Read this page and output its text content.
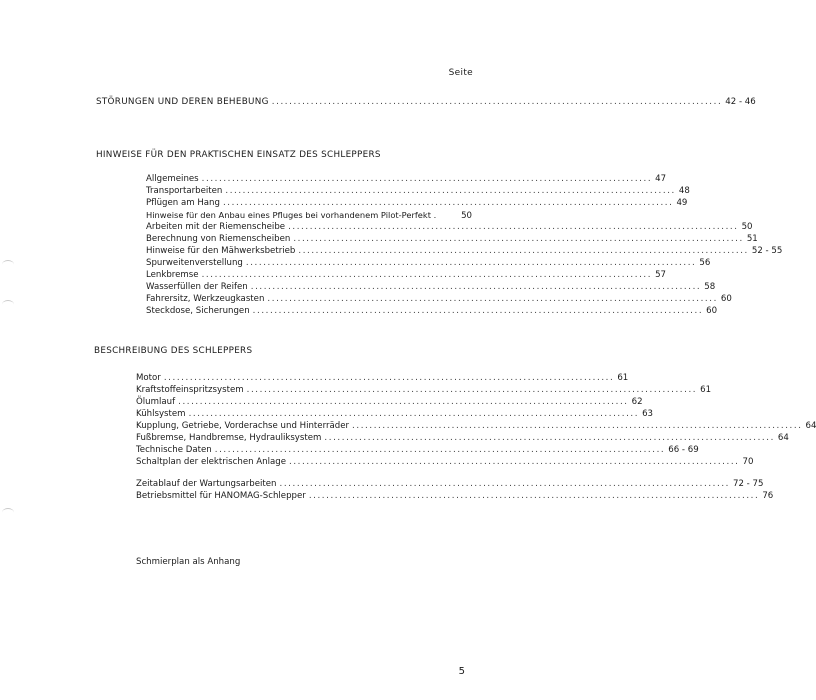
Seite
STÖRUNGEN UND DEREN BEHEBUNG ........................................................................................................ 42 - 46
HINWEISE FÜR DEN PRAKTISCHEN EINSATZ DES SCHLEPPERS
Allgemeines ........................................................................................................ 47
Transportarbeiten ........................................................................................................ 48
Pflügen am Hang ........................................................................................................ 49
Hinweise für den Anbau eines Pfluges bei vorhandenem Pilot-Perfekt .	50
Arbeiten mit der Riemenscheibe ........................................................................................................ 50
Berechnung von Riemenscheiben ........................................................................................................ 51
Hinweise für den Mähwerksbetrieb ........................................................................................................ 52 - 55
Spurweitenverstellung ........................................................................................................ 56
Lenkbremse ........................................................................................................ 57
Wasserfüllen der Reifen ........................................................................................................ 58
Fahrersitz, Werkzeugkasten ........................................................................................................ 60
Steckdose, Sicherungen ........................................................................................................ 60
BESCHREIBUNG DES SCHLEPPERS
Motor ........................................................................................................ 61
Kraftstoffeinspritzsystem ........................................................................................................ 61
Ölumlauf ........................................................................................................ 62
Kühlsystem ........................................................................................................ 63
Kupplung, Getriebe, Vorderachse und Hinterräder ........................................................................................................ 64
Fußbremse, Handbremse, Hydrauliksystem ........................................................................................................ 64
Technische Daten ........................................................................................................ 66 - 69
Schaltplan der elektrischen Anlage ........................................................................................................ 70
Zeitablauf der Wartungsarbeiten ........................................................................................................ 72 - 75
Betriebsmittel für HANOMAG-Schlepper ........................................................................................................ 76
Schmierplan als Anhang
5
